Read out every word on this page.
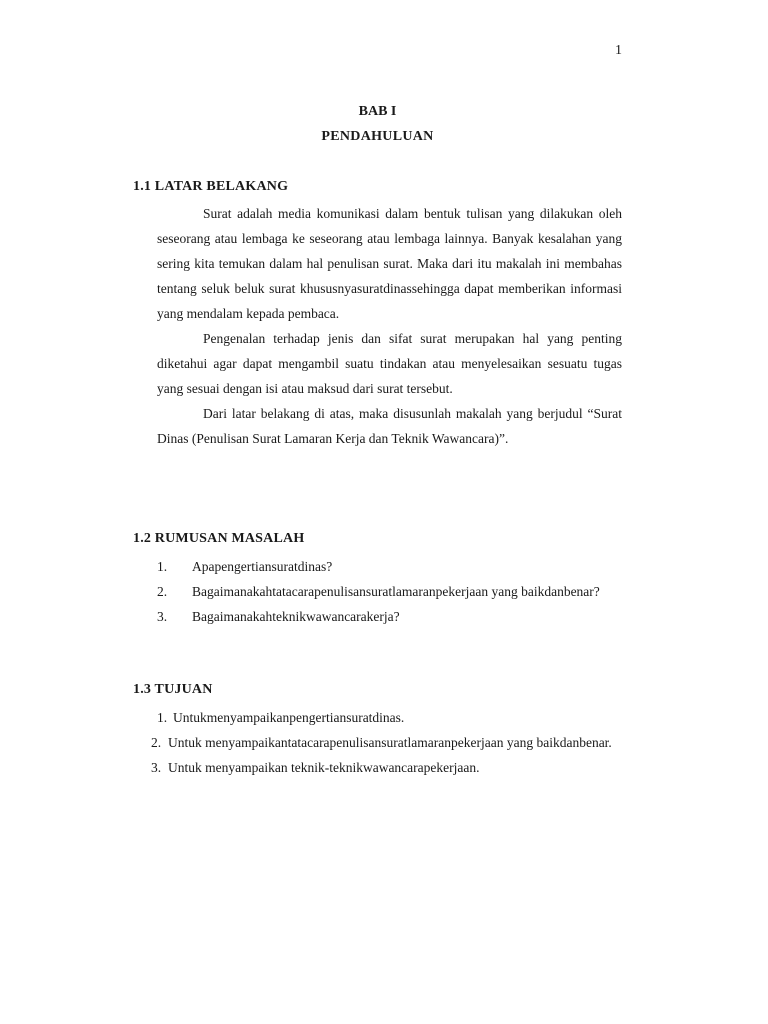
1
BAB I
PENDAHULUAN
1.1 LATAR BELAKANG

Surat adalah media komunikasi dalam bentuk tulisan yang dilakukan oleh seseorang atau lembaga ke seseorang atau lembaga lainnya. Banyak kesalahan yang sering kita temukan dalam hal penulisan surat. Maka dari itu makalah ini membahas tentang seluk beluk surat khususnyasuratdinassehingga dapat memberikan informasi yang mendalam kepada pembaca.

Pengenalan terhadap jenis dan sifat surat merupakan hal yang penting diketahui agar dapat mengambil suatu tindakan atau menyelesaikan sesuatu tugas yang sesuai dengan isi atau maksud dari surat tersebut.

Dari latar belakang di atas, maka disusunlah makalah yang berjudul “Surat Dinas (Penulisan Surat Lamaran Kerja dan Teknik Wawancara)”.

1.2 RUMUSAN MASALAH
1. Apapengertiansuratdinas?
2. Bagaimanakahtatacarapenulisansuratlamaranpekerjaan yang baikdanbenar?
3. Bagaimanakahteknikwawancarakerja?
1.3 TUJUAN
1. Untukmenyampaikanpengertiansuratdinas.
2. Untuk menyampaikantatacarapenulisansuratlamaranpekerjaan yang baikdanbenar.
3. Untuk menyampaikan teknik-teknikwawancarapekerjaan.
